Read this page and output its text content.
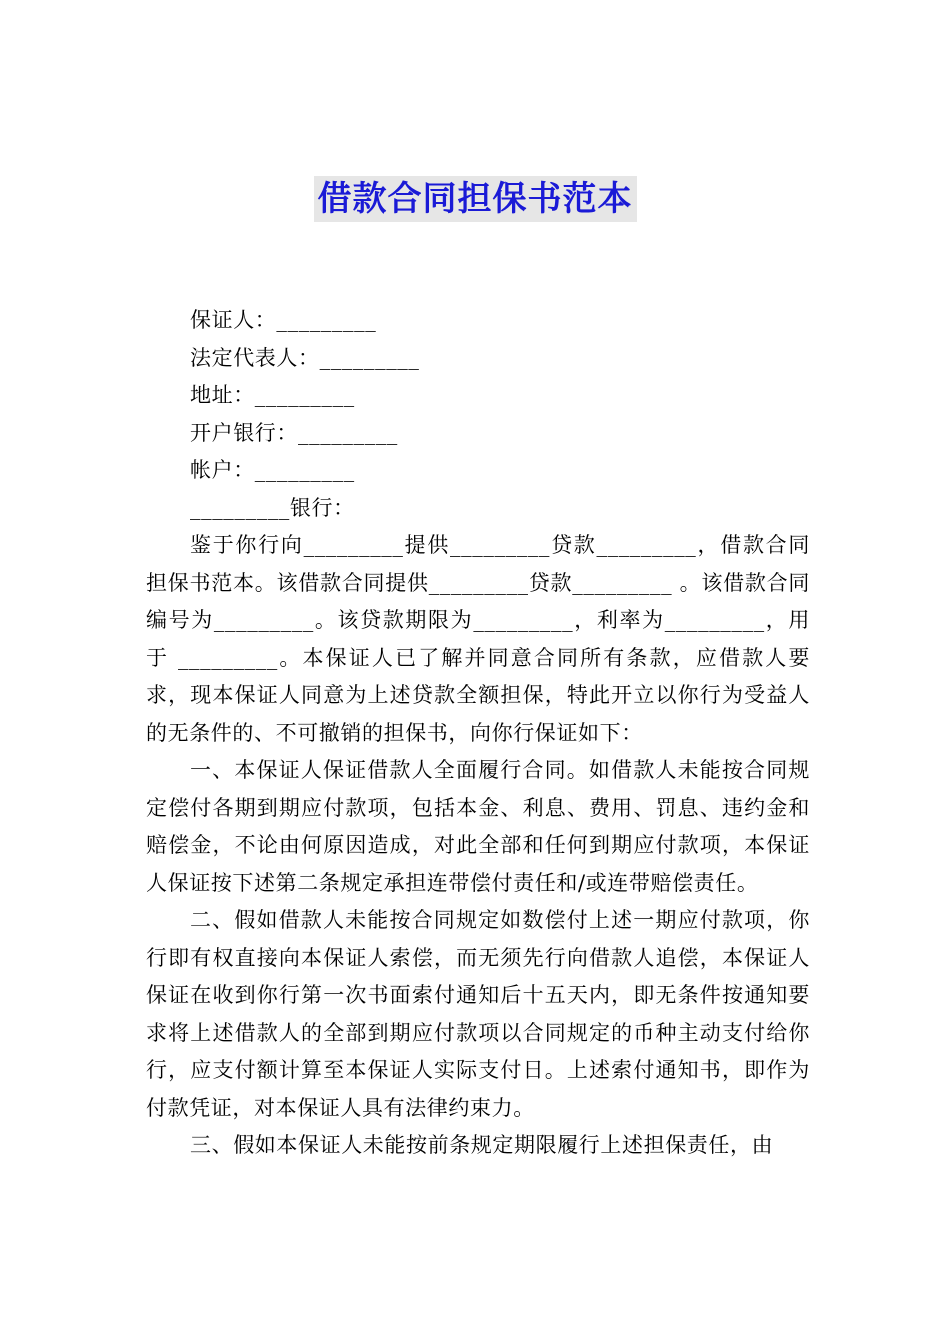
借款合同担保书范本
保证人：_________
法定代表人：_________
地址：_________
开户银行：_________
帐户：_________
_________银行：

鉴于你行向_________提供_________贷款_________，借款合同担保书范本。该借款合同提供_________贷款_________ 。该借款合同编号为_________。该贷款期限为_________，利率为_________，用于 _________。本保证人已了解并同意合同所有条款，应借款人要求，现本保证人同意为上述贷款全额担保，特此开立以你行为受益人的无条件的、不可撤销的担保书，向你行保证如下：

一、本保证人保证借款人全面履行合同。如借款人未能按合同规定偿付各期到期应付款项，包括本金、利息、费用、罚息、违约金和赔偿金，不论由何原因造成，对此全部和任何到期应付款项，本保证人保证按下述第二条规定承担连带偿付责任和/或连带赔偿责任。

二、假如借款人未能按合同规定如数偿付上述一期应付款项，你行即有权直接向本保证人索偿，而无须先行向借款人追偿，本保证人保证在收到你行第一次书面索付通知后十五天内，即无条件按通知要求将上述借款人的全部到期应付款项以合同规定的币种主动支付给你行，应支付额计算至本保证人实际支付日。上述索付通知书，即作为付款凭证，对本保证人具有法律约束力。

三、假如本保证人未能按前条规定期限履行上述担保责任，由
